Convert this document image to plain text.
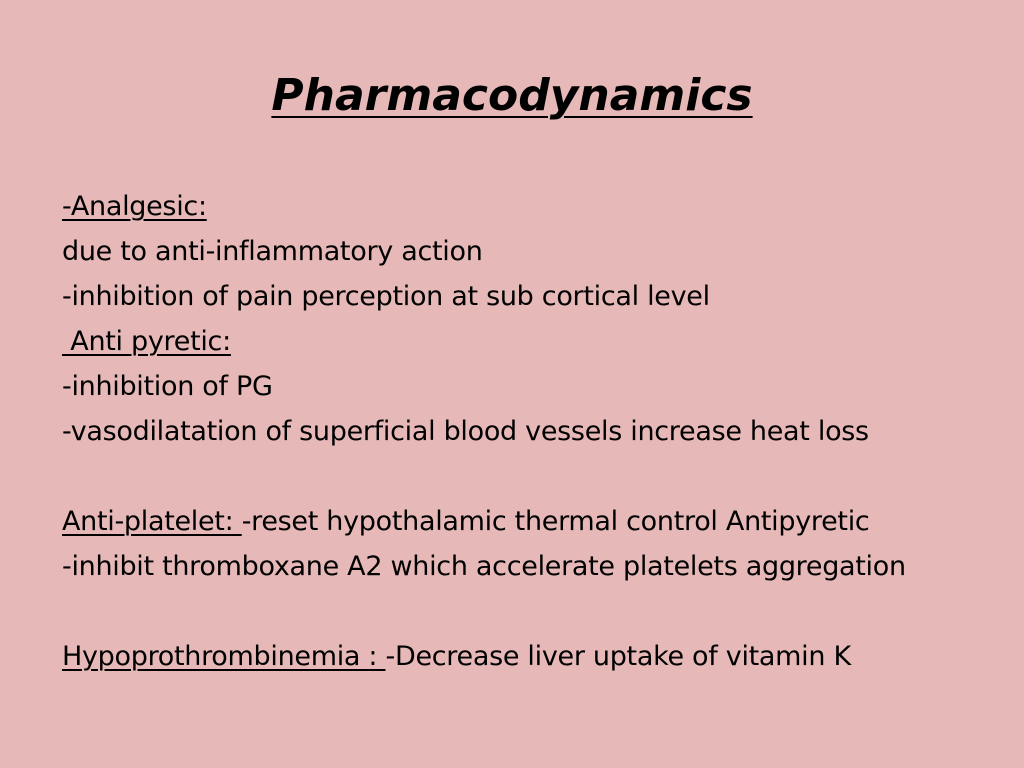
Pharmacodynamics
-Analgesic:
due to anti-inflammatory action
-inhibition of pain perception at sub cortical level
Anti pyretic:
-inhibition of PG
-vasodilatation of superficial blood vessels increase heat loss
Anti-platelet: -reset hypothalamic thermal control Antipyretic
-inhibit thromboxane A2 which accelerate platelets aggregation
Hypoprothrombinemia : -Decrease liver uptake of vitamin K
